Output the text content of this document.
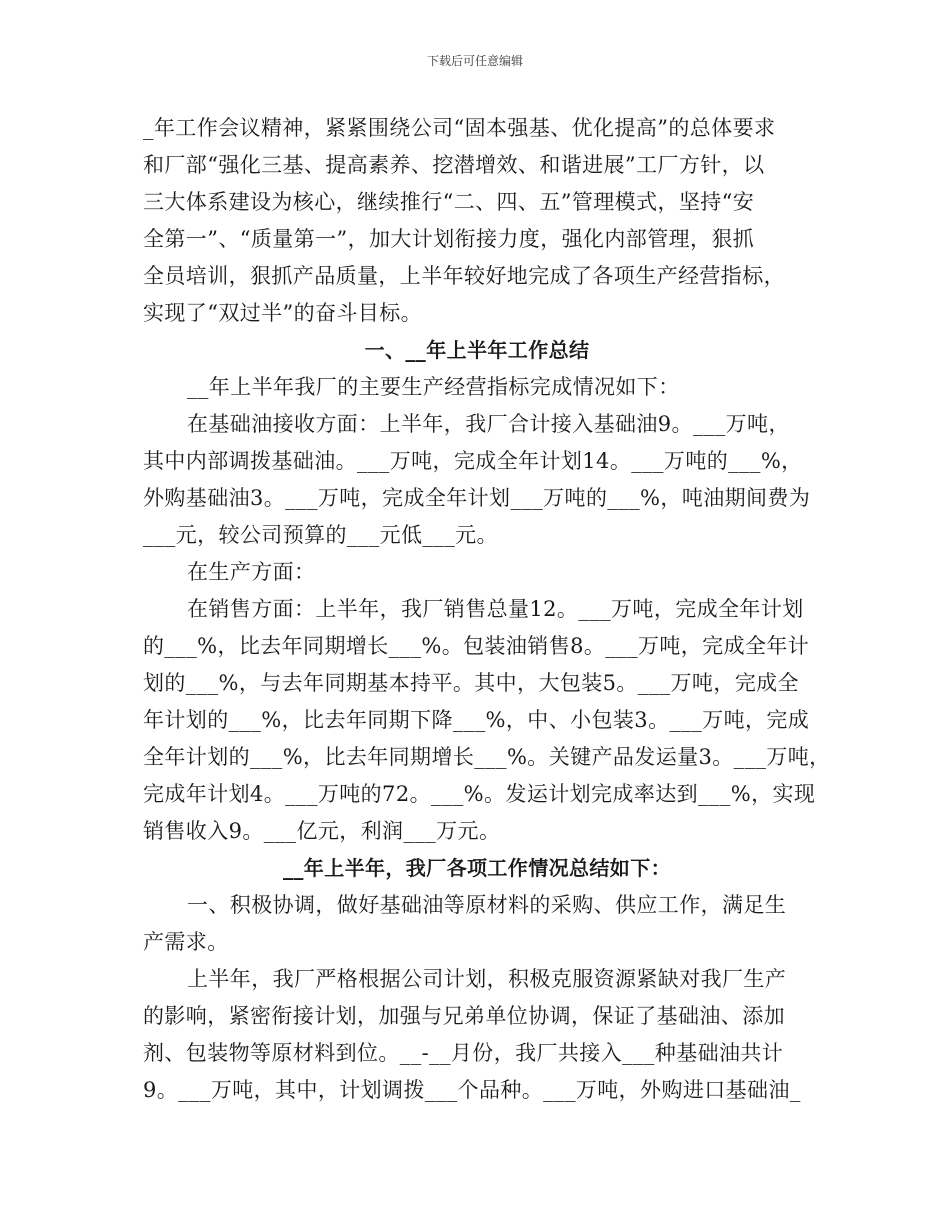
下载后可任意编辑
_年工作会议精神，紧紧围绕公司“固本强基、优化提高”的总体要求
和厂部“强化三基、提高素养、挖潜增效、和谐进展”工厂方针，以
三大体系建设为核心，继续推行“二、四、五”管理模式，坚持“安
全第一”、“质量第一”，加大计划衔接力度，强化内部管理，狠抓
全员培训，狠抓产品质量，上半年较好地完成了各项生产经营指标，
实现了“双过半”的奋斗目标。
一、__年上半年工作总结
__年上半年我厂的主要生产经营指标完成情况如下：
在基础油接收方面：上半年，我厂合计接入基础油9。___万吨，
其中内部调拨基础油。___万吨，完成全年计划14。___万吨的___%，
外购基础油3。___万吨，完成全年计划___万吨的___%，吨油期间费为
___元，较公司预算的___元低___元。
在生产方面：
在销售方面：上半年，我厂销售总量12。___万吨，完成全年计划
的___%，比去年同期增长___%。包装油销售8。___万吨，完成全年计
划的___%，与去年同期基本持平。其中，大包装5。___万吨，完成全
年计划的___%，比去年同期下降___%，中、小包装3。___万吨，完成
全年计划的___%，比去年同期增长___%。关键产品发运量3。___万吨，
完成年计划4。___万吨的72。___%。发运计划完成率达到___%，实现
销售收入9。___亿元，利润___万元。
__年上半年，我厂各项工作情况总结如下：
一、积极协调，做好基础油等原材料的采购、供应工作，满足生
产需求。
上半年，我厂严格根据公司计划，积极克服资源紧缺对我厂生产
的影响，紧密衔接计划，加强与兄弟单位协调，保证了基础油、添加
剂、包装物等原材料到位。__-__月份，我厂共接入___种基础油共计
9。___万吨，其中，计划调拨___个品种。___万吨，外购进口基础油_
